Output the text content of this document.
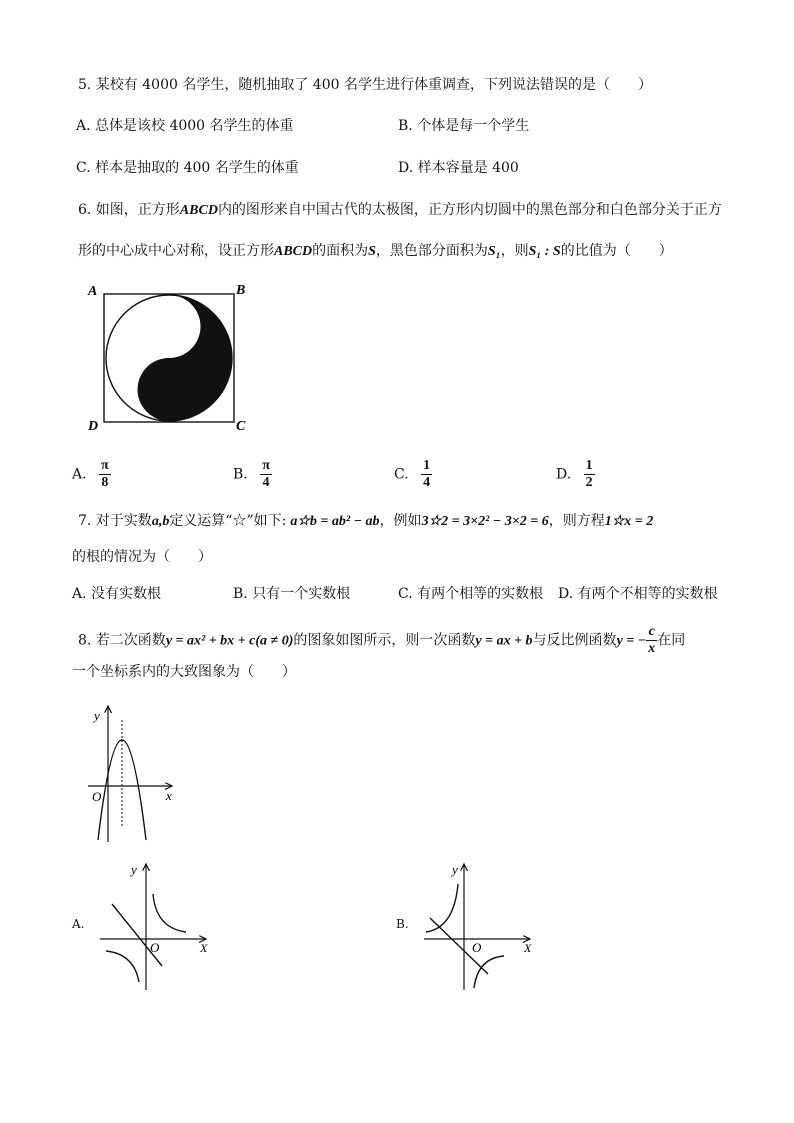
5. 某校有 4000 名学生，随机抽取了 400 名学生进行体重调查，下列说法错误的是（　　）
A. 总体是该校 4000 名学生的体重	B. 个体是每一个学生
C. 样本是抽取的 400 名学生的体重	D. 样本容量是 400
6. 如图，正方形ABCD内的图形来自中国古代的太极图，正方形内切圆中的黑色部分和白色部分关于正方
形的中心成中心对称，设正方形ABCD的面积为S，黑色部分面积为S₁，则S₁ : S的比值为（　　）
A	B
D	C
A. $\frac{\pi}{8}$	B. $\frac{\pi}{4}$	C. $\frac{1}{4}$	D. $\frac{1}{2}$
7. 对于实数a,b定义运算“☆”如下: a☆b = ab² − ab，例如3☆2 = 3×2² − 3×2 = 6，则方程1☆x = 2
的根的情况为（　　）
A. 没有实数根	B. 只有一个实数根	C. 有两个相等的实数根 D. 有两个不相等的实数根
8. 若二次函数y = ax² + bx + c(a ≠ 0)的图象如图所示，则一次函数y = ax + b与反比例函数y = − $\frac{c}{x}$ 在同
一个坐标系内的大致图象为（　　）
y
x
O
A.
y
X
O
B.
y
X
O
